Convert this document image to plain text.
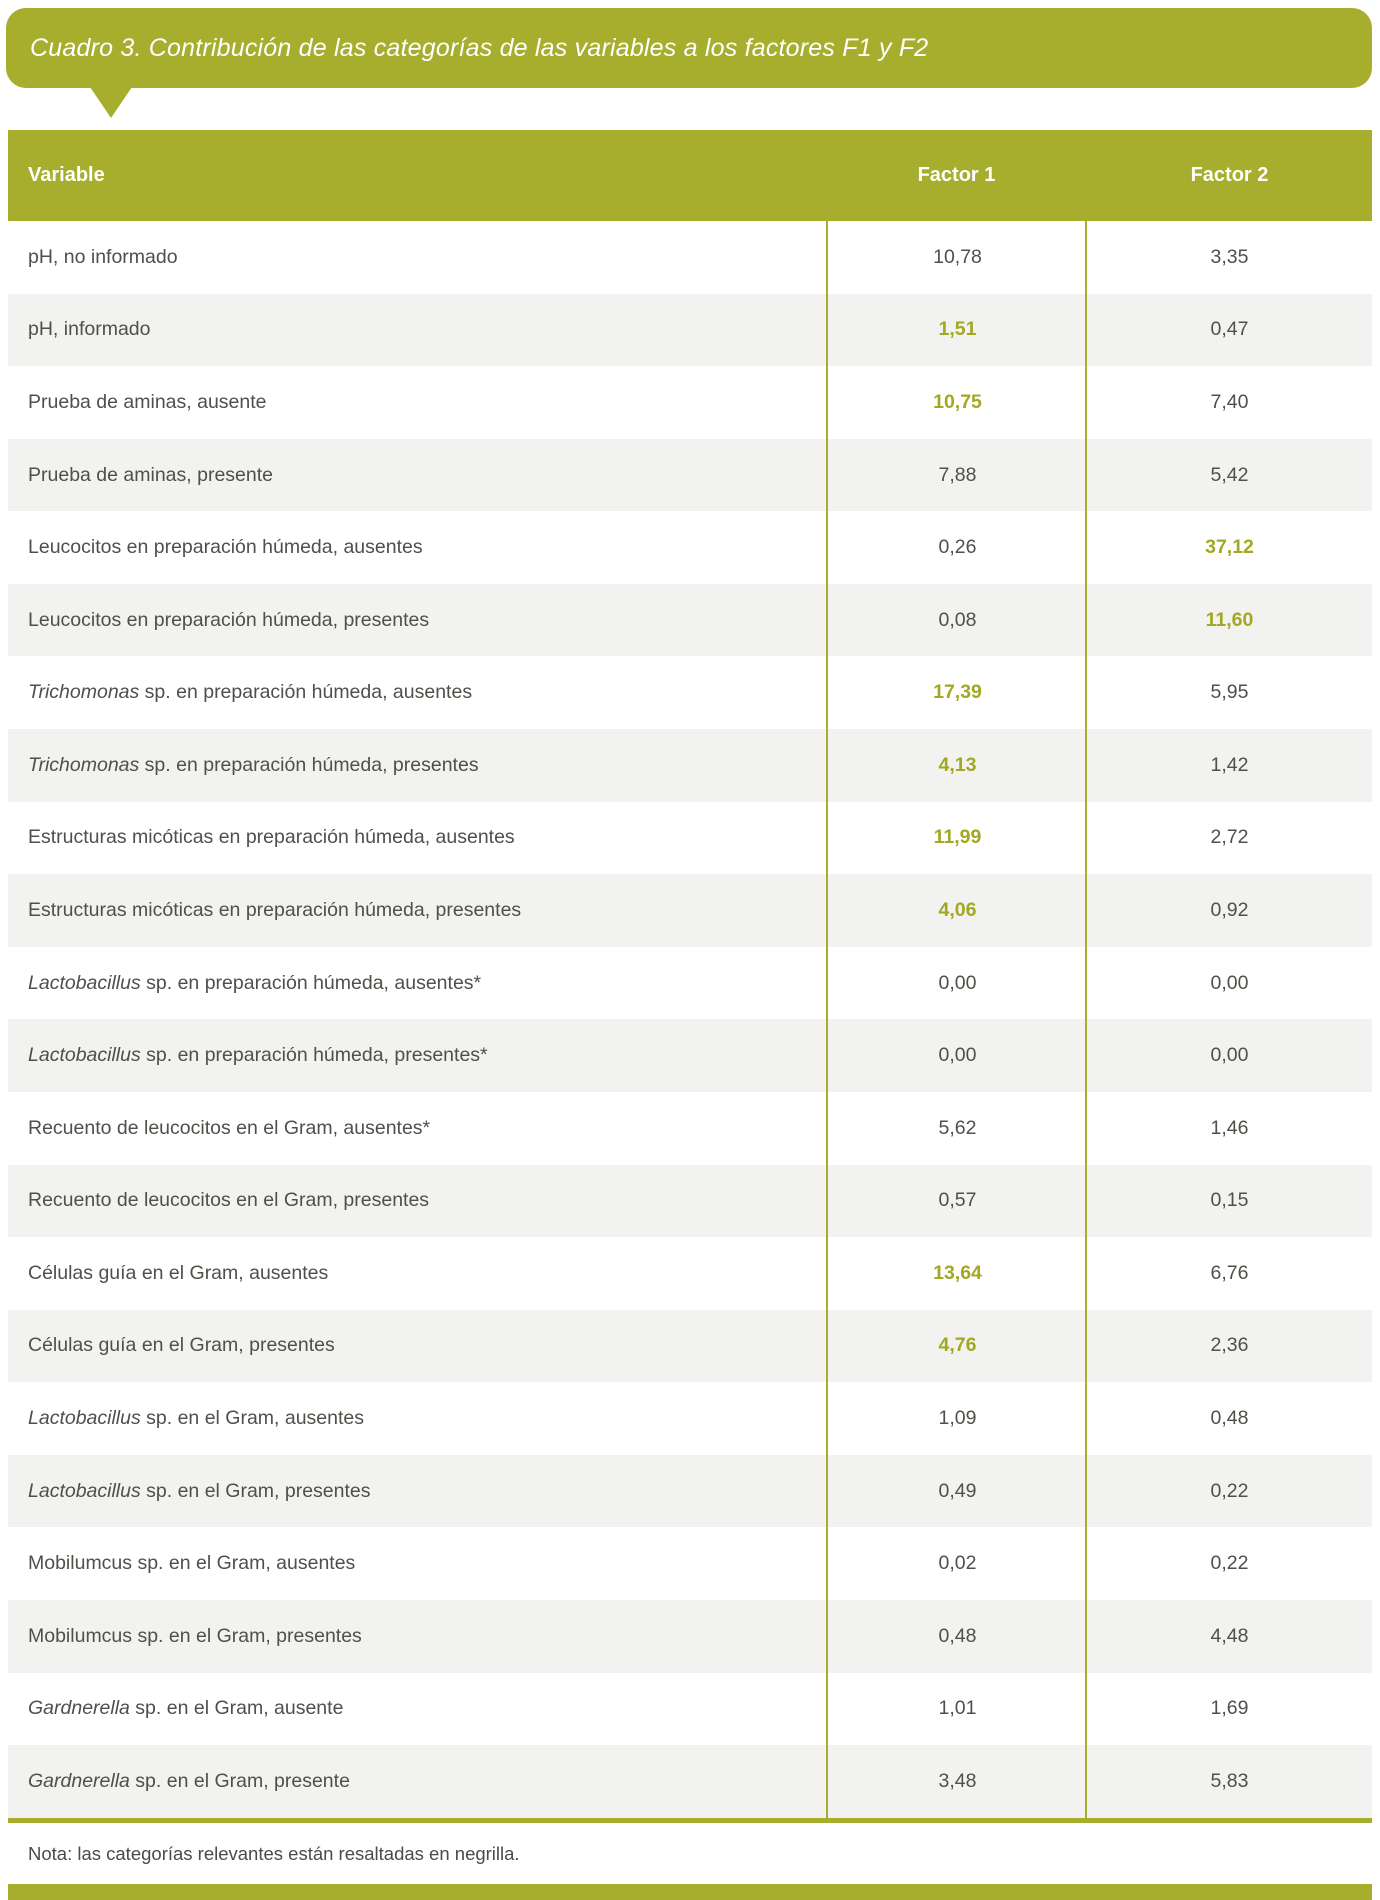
Cuadro 3. Contribución de las categorías de las variables a los factores F1 y F2
Variable	Factor 1	Factor 2
pH, no informado	10,78	3,35
pH, informado	1,51	0,47
Prueba de aminas, ausente	10,75	7,40
Prueba de aminas, presente	7,88	5,42
Leucocitos en preparación húmeda, ausentes	0,26	37,12
Leucocitos en preparación húmeda, presentes	0,08	11,60
Trichomonas sp. en preparación húmeda, ausentes	17,39	5,95
Trichomonas sp. en preparación húmeda, presentes	4,13	1,42
Estructuras micóticas en preparación húmeda, ausentes	11,99	2,72
Estructuras micóticas en preparación húmeda, presentes	4,06	0,92
Lactobacillus sp. en preparación húmeda, ausentes*	0,00	0,00
Lactobacillus sp. en preparación húmeda, presentes*	0,00	0,00
Recuento de leucocitos en el Gram, ausentes*	5,62	1,46
Recuento de leucocitos en el Gram, presentes	0,57	0,15
Células guía en el Gram, ausentes	13,64	6,76
Células guía en el Gram, presentes	4,76	2,36
Lactobacillus sp. en el Gram, ausentes	1,09	0,48
Lactobacillus sp. en el Gram, presentes	0,49	0,22
Mobilumcus sp. en el Gram, ausentes	0,02	0,22
Mobilumcus sp. en el Gram, presentes	0,48	4,48
Gardnerella sp. en el Gram, ausente	1,01	1,69
Gardnerella sp. en el Gram, presente	3,48	5,83
Nota: las categorías relevantes están resaltadas en negrilla.
